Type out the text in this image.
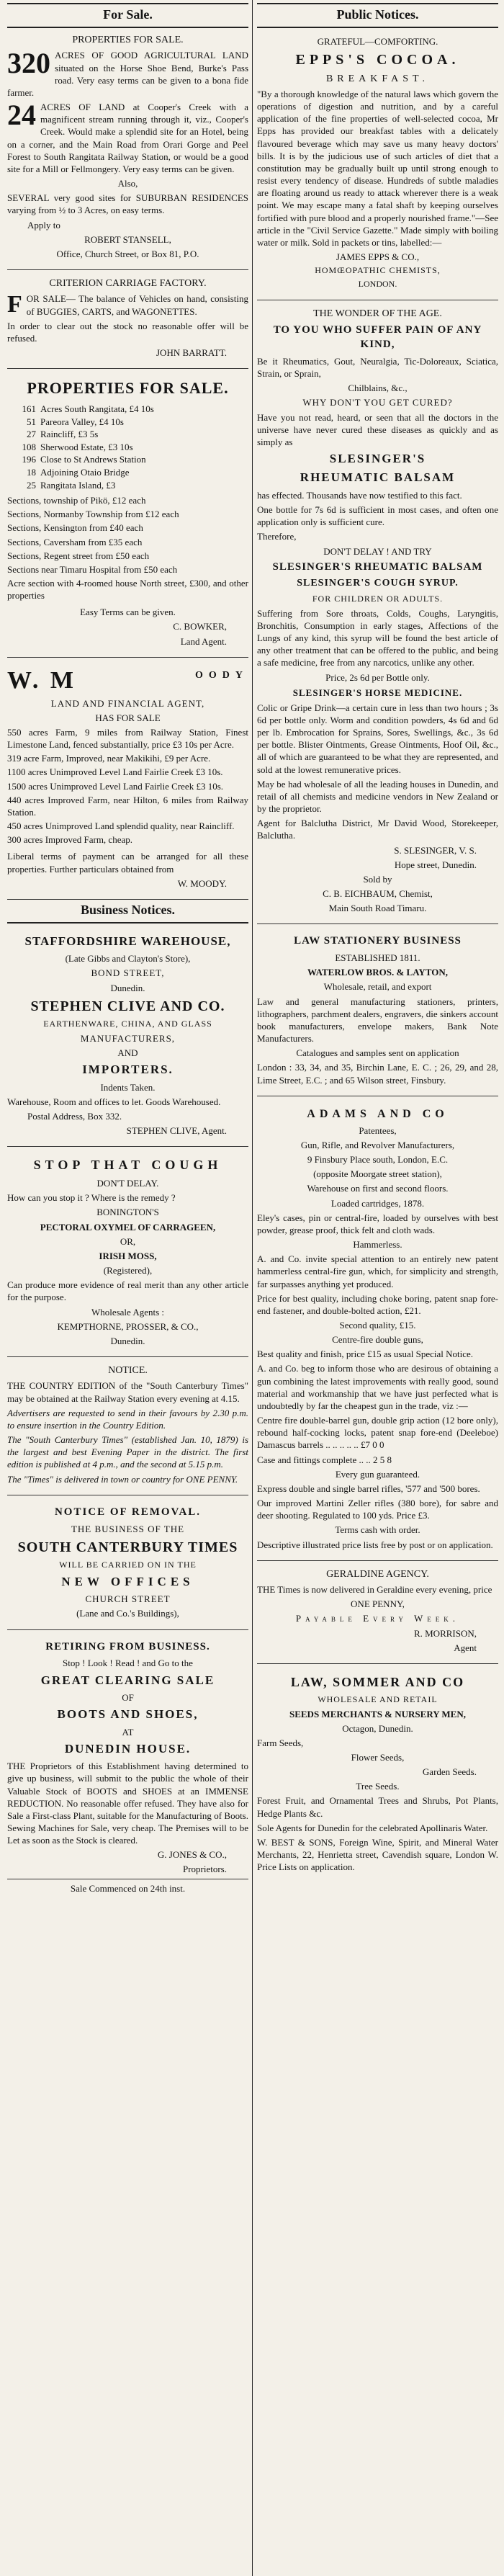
For Sale.

PROPERTIES FOR SALE.

320 ACRES OF GOOD AGRICULTURAL LAND situated on the Horse Shoe Bend, Burke's Pass road. Very easy terms can be given to a bona fide farmer.

24 ACRES OF LAND at Cooper's Creek with a magnificent stream running through it, viz., Cooper's Creek. Would make a splendid site for an Hotel, being on a corner, and the Main Road from Orari Gorge and Peel Forest to South Rangitata Railway Station, or would be a good site for a Mill or Fellmongery. Very easy terms can be given.

Also,

SEVERAL very good sites for SUBURBAN RESIDENCES varying from ½ to 3 Acres, on easy terms.

Apply to

ROBERT STANSELL,

Office, Church Street, or Box 81, P.O.

CRITERION CARRIAGE FACTORY.

FOR SALE— The balance of Vehicles on hand, consisting of BUGGIES, CARTS, and WAGONETTES.

In order to clear out the stock no reasonable offer will be refused.

JOHN BARRATT.

PROPERTIES FOR SALE.
161 Acres South Rangitata, £4 10s
51 Pareora Valley, £4 10s
27 Raincliff, £3 5s
108 Sherwood Estate, £3 10s
196 Close to St Andrews Station
18 Adjoining Otaio Bridge
25 Rangitata Island, £3

Sections, township of Pikö, £12 each

Sections, Normanby Township from £12 each

Sections, Kensington from £40 each

Sections, Caversham from £35 each

Sections, Regent street from £50 each

Sections near Timaru Hospital from £50 each

Acre section with 4-roomed house North street, £300, and other properties

Easy Terms can be given.

C. BOWKER,

Land Agent.

W. M	OODY

LAND AND FINANCIAL AGENT,

HAS FOR SALE

550 acres Farm, 9 miles from Railway Station, Finest Limestone Land, fenced substantially, price £3 10s per Acre.

319 acre Farm, Improved, near Makikihi, £9 per Acre.

1100 acres Unimproved Level Land Fairlie Creek £3 10s.

1500 acres Unimproved Level Land Fairlie Creek £3 10s.

440 acres Improved Farm, near Hilton, 6 miles from Railway Station.

450 acres Unimproved Land splendid quality, near Raincliff.

300 acres Improved Farm, cheap.

Liberal terms of payment can be arranged for all these properties. Further particulars obtained from

W. MOODY.

Business Notices.
STAFFORDSHIRE WAREHOUSE,

(Late Gibbs and Clayton's Store),

BOND STREET,

Dunedin.

STEPHEN CLIVE AND CO.

EARTHENWARE, CHINA, AND GLASS

MANUFACTURERS,

AND

IMPORTERS.

Indents Taken.

Warehouse, Room and offices to let. Goods Warehoused.

Postal Address, Box 332.

STEPHEN CLIVE, Agent.

STOP THAT COUGH

DON'T DELAY.

How can you stop it ? Where is the remedy ?

BONINGTON'S

PECTORAL OXYMEL OF CARRAGEEN,

OR,

IRISH MOSS,

(Registered),

Can produce more evidence of real merit than any other article for the purpose.

Wholesale Agents :

KEMPTHORNE, PROSSER, & CO.,

Dunedin.

NOTICE.

THE COUNTRY EDITION of the "South Canterbury Times" may be obtained at the Railway Station every evening at 4.15.

Advertisers are requested to send in their favours by 2.30 p.m. to ensure insertion in the Country Edition.

The "South Canterbury Times" (established Jan. 10, 1879) is the largest and best Evening Paper in the district. The first edition is published at 4 p.m., and the second at 5.15 p.m.

The "Times" is delivered in town or country for ONE PENNY.

NOTICE OF REMOVAL.

THE BUSINESS OF THE

SOUTH CANTERBURY TIMES

WILL BE CARRIED ON IN THE

NEW OFFICES

CHURCH STREET

(Lane and Co.'s Buildings),

RETIRING FROM BUSINESS.

Stop ! Look ! Read ! and Go to the

GREAT CLEARING SALE

OF

BOOTS AND SHOES,

AT

DUNEDIN HOUSE.

THE Proprietors of this Establishment having determined to give up business, will submit to the public the whole of their Valuable Stock of BOOTS and SHOES at an IMMENSE REDUCTION. No reasonable offer refused. They have also for Sale a First-class Plant, suitable for the Manufacturing of Boots. Sewing Machines for Sale, very cheap. The Premises will to be Let as soon as the Stock is cleared.

G. JONES & CO.,

Proprietors.

Sale Commenced on 24th inst.

Public Notices.

GRATEFUL—COMFORTING.

EPPS'S COCOA.

BREAKFAST.

"By a thorough knowledge of the natural laws which govern the operations of digestion and nutrition, and by a careful application of the fine properties of well-selected cocoa, Mr Epps has provided our breakfast tables with a delicately flavoured beverage which may save us many heavy doctors' bills. It is by the judicious use of such articles of diet that a constitution may be gradually built up until strong enough to resist every tendency of disease. Hundreds of subtle maladies are floating around us ready to attack wherever there is a weak point. We may escape many a fatal shaft by keeping ourselves fortified with pure blood and a properly nourished frame."—See article in the "Civil Service Gazette." Made simply with boiling water or milk. Sold in packets or tins, labelled:—

JAMES EPPS & CO.,

HOMŒOPATHIC CHEMISTS,

LONDON.

THE WONDER OF THE AGE.

TO YOU WHO SUFFER PAIN OF ANY KIND,

Be it Rheumatics, Gout, Neuralgia, Tic-Doloreaux, Sciatica, Strain, or Sprain,

Chilblains, &c.,

WHY DON'T YOU GET CURED?

Have you not read, heard, or seen that all the doctors in the universe have never cured these diseases as quickly and as simply as

SLESINGER'S
RHEUMATIC BALSAM

has effected. Thousands have now testified to this fact.

One bottle for 7s 6d is sufficient in most cases, and often one application only is sufficient cure.

Therefore,

DON'T DELAY ! AND TRY

SLESINGER'S RHEUMATIC BALSAM
SLESINGER'S COUGH SYRUP.

FOR CHILDREN OR ADULTS.

Suffering from Sore throats, Colds, Coughs, Laryngitis, Bronchitis, Consumption in early stages, Affections of the Lungs of any kind, this syrup will be found the best article of any other treatment that can be offered to the public, and being a safe medicine, free from any narcotics, unlike any other.

Price, 2s 6d per Bottle only.

SLESINGER'S HORSE MEDICINE.

Colic or Gripe Drink—a certain cure in less than two hours ; 3s 6d per bottle only. Worm and condition powders, 4s 6d and 6d per lb. Embrocation for Sprains, Sores, Swellings, &c., 3s 6d per bottle. Blister Ointments, Grease Ointments, Hoof Oil, &c., all of which are guaranteed to be what they are represented, and sold at the lowest remunerative prices.

May be had wholesale of all the leading houses in Dunedin, and retail of all chemists and medicine vendors in New Zealand or by the proprietor.

Agent for Balclutha District, Mr David Wood, Storekeeper, Balclutha.

S. SLESINGER, V. S.

Hope street, Dunedin.

Sold by

C. B. EICHBAUM, Chemist,

Main South Road Timaru.

LAW STATIONERY BUSINESS

ESTABLISHED 1811.

WATERLOW BROS. & LAYTON,

Wholesale, retail, and export

Law and general manufacturing stationers, printers, lithographers, parchment dealers, engravers, die sinkers account book manufacturers, envelope makers, Bank Note Manufacturers.

Catalogues and samples sent on application

London : 33, 34, and 35, Birchin Lane, E. C. ; 26, 29, and 28, Lime Street, E.C. ; and 65 Wilson street, Finsbury.

ADAMS AND CO

Patentees,

Gun, Rifle, and Revolver Manufacturers,

9 Finsbury Place south, London, E.C.

(opposite Moorgate street station),

Warehouse on first and second floors.

Loaded cartridges, 1878.

Eley's cases, pin or central-fire, loaded by ourselves with best powder, grease proof, thick felt and cloth wads.

Hammerless.

A. and Co. invite special attention to an entirely new patent hammerless central-fire gun, which, for simplicity and strength, far surpasses anything yet produced.

Price for best quality, including choke boring, patent snap fore-end fastener, and double-bolted action, £21.

Second quality, £15.

Centre-fire double guns,

Best quality and finish, price £15 as usual Special Notice.

A. and Co. beg to inform those who are desirous of obtaining a gun combining the latest improvements with really good, sound material and workmanship that we have just perfected what is undoubtedly by far the cheapest gun in the trade, viz :—

Centre fire double-barrel gun, double grip action (12 bore only), rebound half-cocking locks, patent snap fore-end (Deeleboe) Damascus barrels .. .. .. .. .. £7 0 0

Case and fittings complete .. .. 2 5 8

Every gun guaranteed.

Express double and single barrel rifles, '577 and '500 bores.

Our improved Martini Zeller rifles (380 bore), for sabre and deer shooting. Regulated to 100 yds. Price £3.

Terms cash with order.

Descriptive illustrated price lists free by post or on application.

GERALDINE AGENCY.

THE Times is now delivered in Geraldine every evening, price

ONE PENNY,

Payable Every Week.

R. MORRISON,

Agent

LAW, SOMMER AND CO

WHOLESALE AND RETAIL

SEEDS MERCHANTS & NURSERY MEN,

Octagon, Dunedin.

Farm Seeds,

Flower Seeds,

Garden Seeds.

Tree Seeds.

Forest Fruit, and Ornamental Trees and Shrubs, Pot Plants, Hedge Plants &c.

Sole Agents for Dunedin for the celebrated Apollinaris Water.

W. BEST & SONS, Foreign Wine, Spirit, and Mineral Water Merchants, 22, Henrietta street, Cavendish square, London W. Price Lists on application.
